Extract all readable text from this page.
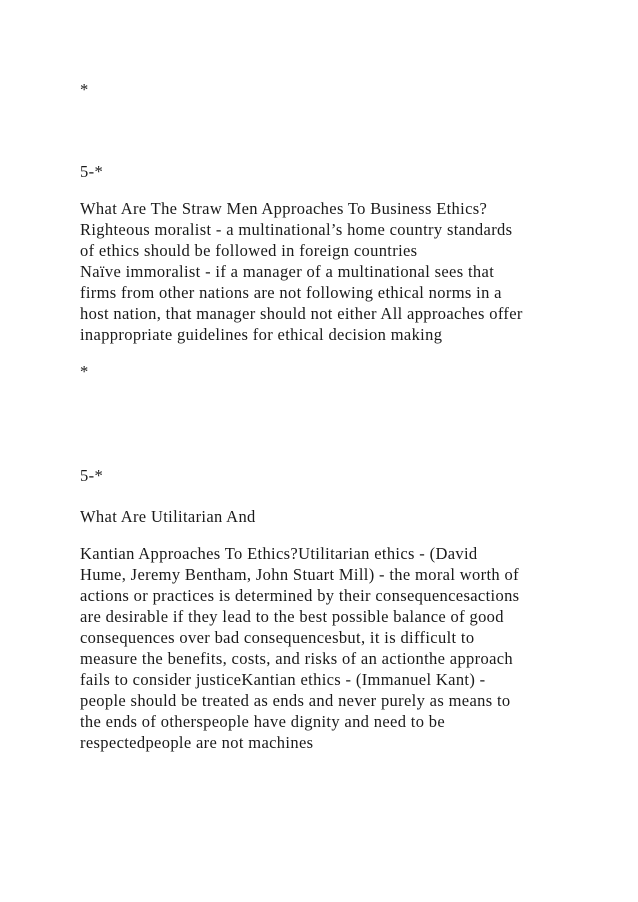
*

5-*

What Are The Straw Men Approaches To Business Ethics?

Righteous moralist - a multinational’s home country standards

of ethics should be followed in foreign countries

Naïve immoralist - if a manager of a multinational sees that

firms from other nations are not following ethical norms in a

host nation, that manager should not either All approaches offer

inappropriate guidelines for ethical decision making

*

5-*

What Are Utilitarian And

Kantian Approaches To Ethics?Utilitarian ethics - (David

Hume, Jeremy Bentham, John Stuart Mill) - the moral worth of

actions or practices is determined by their consequencesactions

are desirable if they lead to the best possible balance of good

consequences over bad consequencesbut, it is difficult to

measure the benefits, costs, and risks of an actionthe approach

fails to consider justiceKantian ethics - (Immanuel Kant) -

people should be treated as ends and never purely as means to

the ends of otherspeople have dignity and need to be

respectedpeople are not machines
